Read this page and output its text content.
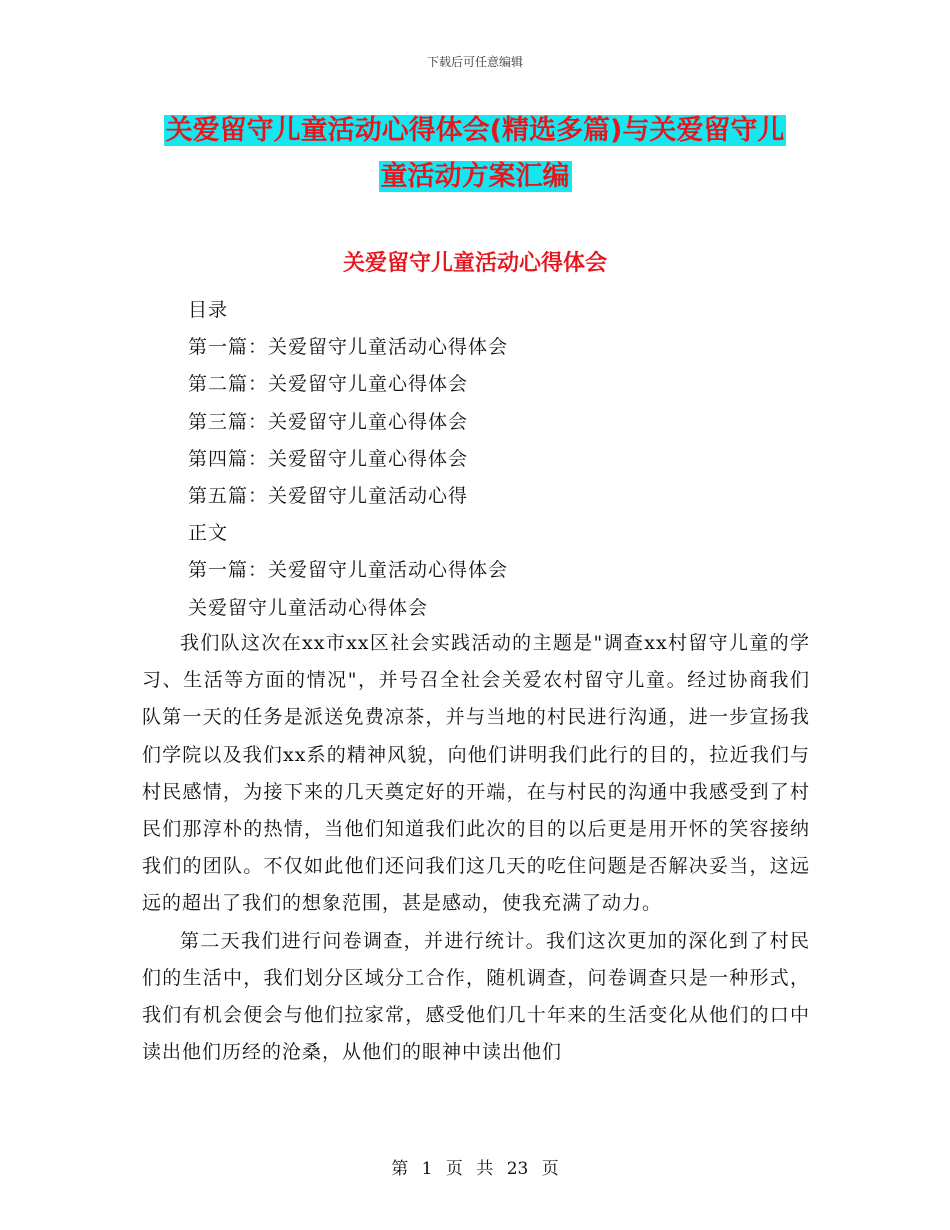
下载后可任意编辑
关爱留守儿童活动心得体会(精选多篇)与关爱留守儿
童活动方案汇编
关爱留守儿童活动心得体会
目录
第一篇：关爱留守儿童活动心得体会
第二篇：关爱留守儿童心得体会
第三篇：关爱留守儿童心得体会
第四篇：关爱留守儿童心得体会
第五篇：关爱留守儿童活动心得
正文
第一篇：关爱留守儿童活动心得体会
关爱留守儿童活动心得体会

我们队这次在xx市xx区社会实践活动的主题是"调查xx村留守儿童的学习、生活等方面的情况"，并号召全社会关爱农村留守儿童。经过协商我们队第一天的任务是派送免费凉茶，并与当地的村民进行沟通，进一步宣扬我们学院以及我们xx系的精神风貌，向他们讲明我们此行的目的，拉近我们与村民感情，为接下来的几天奠定好的开端，在与村民的沟通中我感受到了村民们那淳朴的热情，当他们知道我们此次的目的以后更是用开怀的笑容接纳我们的团队。不仅如此他们还问我们这几天的吃住问题是否解决妥当，这远远的超出了我们的想象范围，甚是感动，使我充满了动力。

第二天我们进行问卷调查，并进行统计。我们这次更加的深化到了村民们的生活中，我们划分区域分工合作，随机调查，问卷调查只是一种形式，我们有机会便会与他们拉家常，感受他们几十年来的生活变化从他们的口中读出他们历经的沧桑，从他们的眼神中读出他们

第 1 页 共 23 页
